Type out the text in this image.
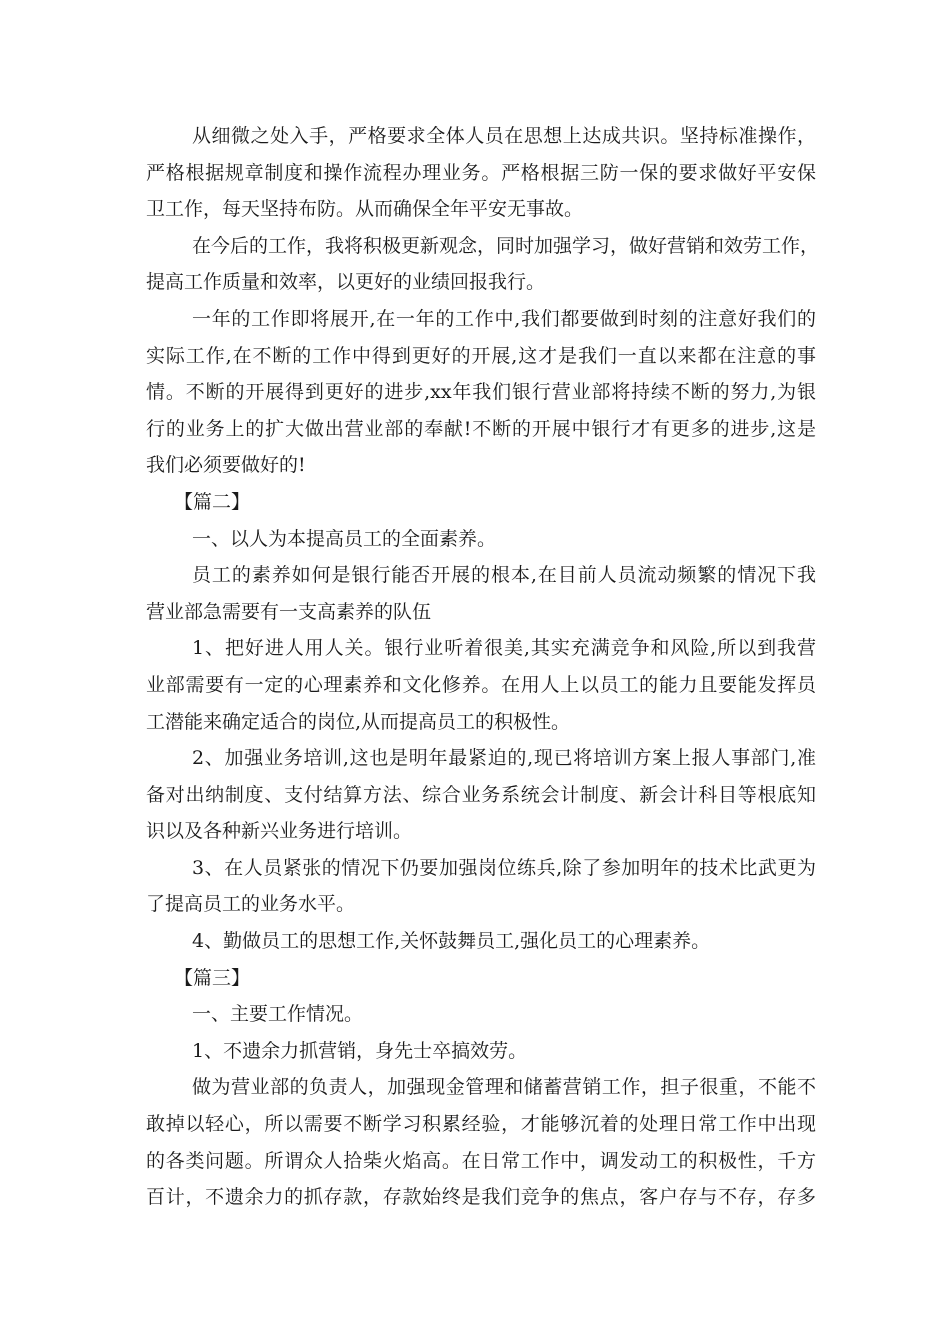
从细微之处入手，严格要求全体人员在思想上达成共识。坚持标准操作，
严格根据规章制度和操作流程办理业务。严格根据三防一保的要求做好平安保
卫工作，每天坚持布防。从而确保全年平安无事故。
在今后的工作，我将积极更新观念，同时加强学习，做好营销和效劳工作，
提高工作质量和效率，以更好的业绩回报我行。
一年的工作即将展开,在一年的工作中,我们都要做到时刻的注意好我们的
实际工作,在不断的工作中得到更好的开展,这才是我们一直以来都在注意的事
情。不断的开展得到更好的进步,xx年我们银行营业部将持续不断的努力,为银
行的业务上的扩大做出营业部的奉献!不断的开展中银行才有更多的进步,这是
我们必须要做好的!
【篇二】
一、以人为本提高员工的全面素养。
员工的素养如何是银行能否开展的根本,在目前人员流动频繁的情况下我
营业部急需要有一支高素养的队伍
1、把好进人用人关。银行业听着很美,其实充满竞争和风险,所以到我营
业部需要有一定的心理素养和文化修养。在用人上以员工的能力且要能发挥员
工潜能来确定适合的岗位,从而提高员工的积极性。
2、加强业务培训,这也是明年最紧迫的,现已将培训方案上报人事部门,准
备对出纳制度、支付结算方法、综合业务系统会计制度、新会计科目等根底知
识以及各种新兴业务进行培训。
3、在人员紧张的情况下仍要加强岗位练兵,除了参加明年的技术比武更为
了提高员工的业务水平。
4、勤做员工的思想工作,关怀鼓舞员工,强化员工的心理素养。
【篇三】
一、主要工作情况。
1、不遗余力抓营销，身先士卒搞效劳。
做为营业部的负责人，加强现金管理和储蓄营销工作，担子很重，不能不
敢掉以轻心，所以需要不断学习积累经验，才能够沉着的处理日常工作中出现
的各类问题。所谓众人拾柴火焰高。在日常工作中，调发动工的积极性，千方
百计，不遗余力的抓存款，存款始终是我们竞争的焦点，客户存与不存，存多
